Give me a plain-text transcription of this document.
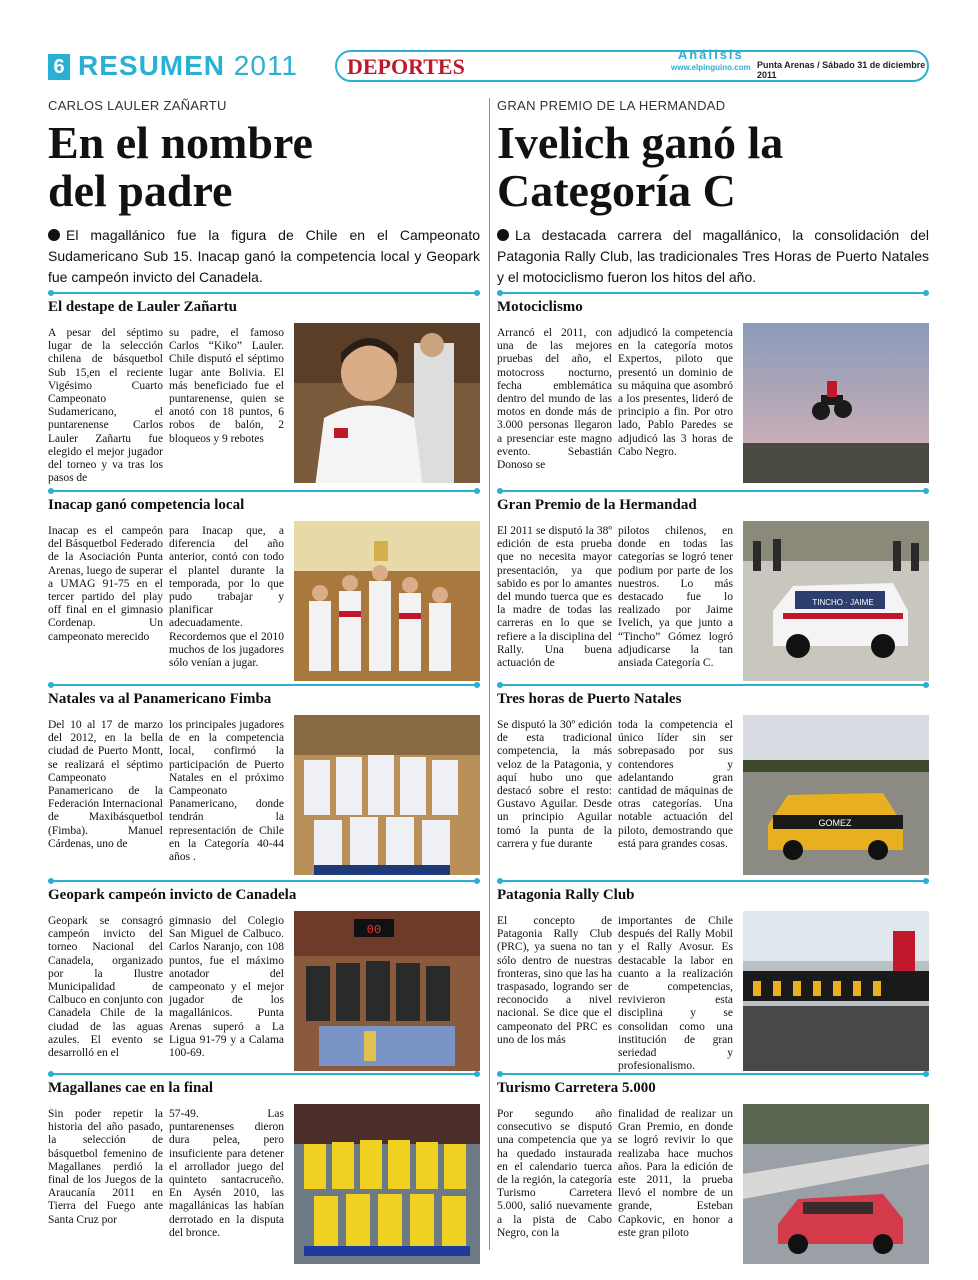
6 RESUMEN 2011 DEPORTES	Análisis
www.elpinguino.com Punta Arenas / Sábado 31 de diciembre 2011
CARLOS LAULER ZAÑARTU
En el nombre del padre
El magallánico fue la figura de Chile en el Campeonato Sudamericano Sub 15. Inacap ganó la competencia local y Geopark fue campeón invicto del Canadela.
GRAN PREMIO DE LA HERMANDAD
Ivelich ganó la Categoría C
La destacada carrera del magallánico, la consolidación del Patagonia Rally Club, las tradicionales Tres Horas de Puerto Natales y el motociclismo fueron los hitos del año.
El destape de Lauler Zañartu
A pesar del séptimo lugar de la selección chilena de básquetbol Sub 15,en el reciente Vigésimo Cuarto Campeonato Sudamericano, el puntarenense Carlos Lauler Zañartu fue elegido el mejor jugador del torneo y va tras los pasos de
su padre, el famoso Carlos “Kiko” Lauler. Chile disputó el séptimo lugar ante Bolivia. El más beneficiado fue el puntarenense, quien se anotó con 18 puntos, 6 robos de balón, 2 bloqueos y 9 rebotes
Inacap ganó competencia local
Inacap es el campeón del Básquetbol Federado de la Asociación Punta Arenas, luego de superar a UMAG 91-75 en el tercer partido del play off final en el gimnasio Cordenap. Un campeonato merecido
para Inacap que, a diferencia del año anterior, contó con todo el plantel durante la temporada, por lo que pudo trabajar y planificar adecuadamente. Recordemos que el 2010 muchos de los jugadores sólo venían a jugar.
Natales va al Panamericano Fimba
Del 10 al 17 de marzo del 2012, en la bella ciudad de Puerto Montt, se realizará el séptimo Campeonato Panamericano de la Federación Internacional de Maxibásquetbol (Fimba). Manuel Cárdenas, uno de
los principales jugadores de en la competencia local, confirmó la participación de Puerto Natales en el próximo Campeonato Panamericano, donde tendrán la representación de Chile en la Categoría 40-44 años .
Geopark campeón invicto de Canadela
Geopark se consagró campeón invicto del torneo Nacional del Canadela, organizado por la Ilustre Municipalidad de Calbuco en conjunto con Canadela Chile de la ciudad de las aguas azules. El evento se desarrolló en el
gimnasio del Colegio San Miguel de Calbuco. Carlos Naranjo, con 108 puntos, fue el máximo anotador del campeonato y el mejor jugador de los magallánicos. Punta Arenas superó a La Ligua 91-79 y a Calama 100-69.
00
Magallanes cae en la final
Sin poder repetir la historia del año pasado, la selección de básquetbol femenino de Magallanes perdió la final de los Juegos de la Araucanía 2011 en Tierra del Fuego ante Santa Cruz por
57-49. Las puntarenenses dieron dura pelea, pero insuficiente para detener el arrollador juego del quinteto santacruceño. En Aysén 2010, las magallánicas las habían derrotado en la disputa del bronce.
Motociclismo
Arrancó el 2011, con una de las mejores pruebas del año, el motocross nocturno, fecha emblemática dentro del mundo de las motos en donde más de 3.000 personas llegaron a presenciar este magno evento. Sebastián Donoso se
adjudicó la competencia en la categoría motos Expertos, piloto que presentó un dominio de su máquina que asombró a los presentes, lideró de principio a fin. Por otro lado, Pablo Paredes se adjudicó las 3 horas de Cabo Negro.
Gran Premio de la Hermandad
El 2011 se disputó la 38º edición de esta prueba que no necesita mayor presentación, ya que sabido es por lo amantes del mundo tuerca que es la madre de todas las carreras en lo que se refiere a la disciplina del Rally. Una buena actuación de
pilotos chilenos, en donde en todas las categorías se logró tener podium por parte de los nuestros. Lo más destacado fue lo realizado por Jaime Ivelich, ya que junto a “Tincho” Gómez logró adjudicarse la tan ansiada Categoría C.
TINCHO · JAIME
Tres horas de Puerto Natales
Se disputó la 30º edición de esta tradicional competencia, la más veloz de la Patagonia, y aquí hubo uno que destacó sobre el resto: Gustavo Aguilar. Desde un principio Aguilar tomó la punta de la carrera y fue durante
toda la competencia el único líder sin ser sobrepasado por sus contendores y adelantando gran cantidad de máquinas de otras categorías. Una notable actuación del piloto, demostrando que está para grandes cosas.
GOMEZ
Patagonia Rally Club
El concepto de Patagonia Rally Club (PRC), ya suena no tan sólo dentro de nuestras fronteras, sino que las ha traspasado, logrando ser reconocido a nivel nacional. Se dice que el campeonato del PRC es uno de los más
importantes de Chile después del Rally Mobil y el Rally Avosur. Es destacable la labor en cuanto a la realización de competencias, revivieron esta disciplina y se consolidan como una institución de gran seriedad y profesionalismo.
Turismo Carretera 5.000
Por segundo año consecutivo se disputó una competencia que ya ha quedado instaurada en el calendario tuerca de la región, la categoría Turismo Carretera 5.000, salió nuevamente a la pista de Cabo Negro, con la
finalidad de realizar un Gran Premio, en donde se logró revivir lo que realizaba hace muchos años. Para la edición de este 2011, la prueba llevó el nombre de un grande, Esteban Capkovic, en honor a este gran piloto
